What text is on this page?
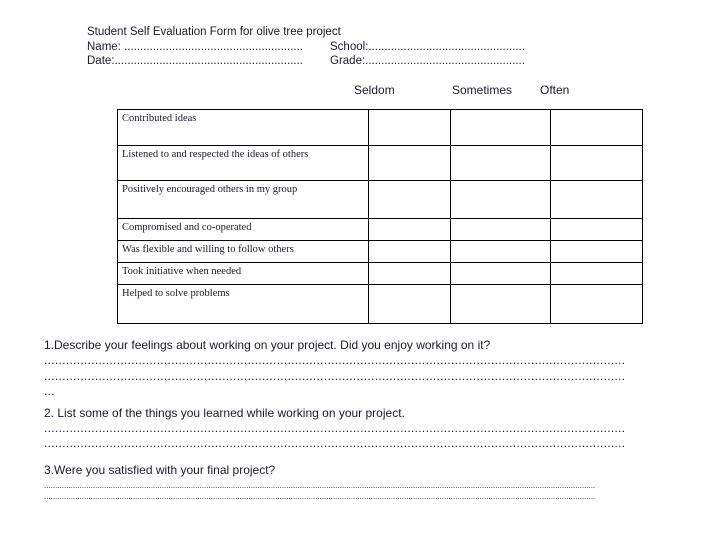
Student Self Evaluation Form for olive tree project
Name: ........................................................ School:.................................................
Date:........................................................... Grade:..................................................
Seldom	Sometimes Often
Contributed ideas			
Listened to and respected the ideas of others			
Positively encouraged others in my group			
Compromised and co-operated			
Was flexible and willing to follow others			
Took initiative when needed			
Helped to solve problems			
1.Describe your feelings about working on your project. Did you enjoy working on it?
................................................................................................................................................................
................................................................................................................................................................
...
2. List some of the things you learned while working on your project.
................................................................................................................................................................
................................................................................................................................................................
3.Were you satisfied with your final project?
........................................................................................................................................................................................................................................................
........................................................................................................................................................................................................................................................
